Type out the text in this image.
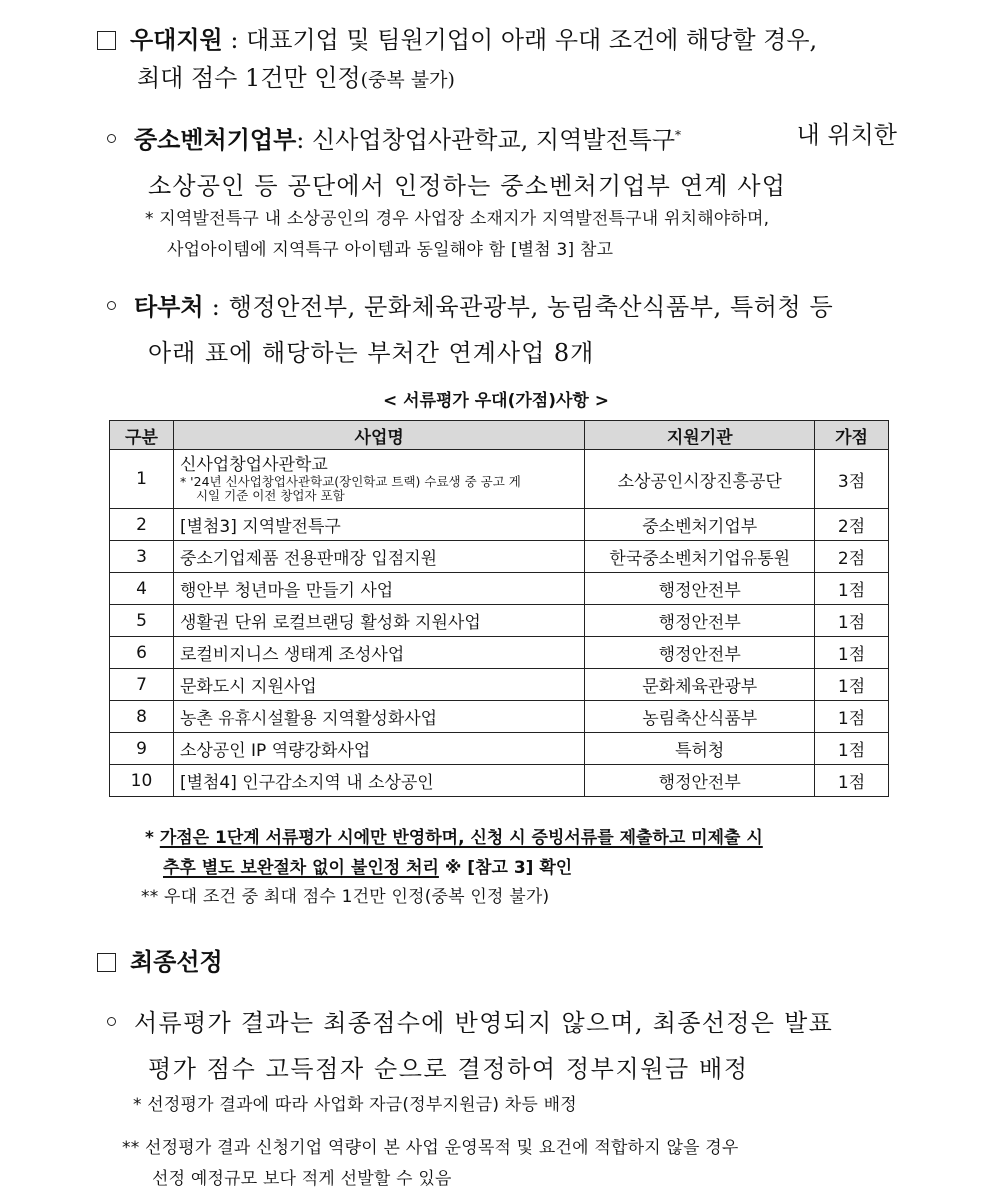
우대지원 : 대표기업 및 팀원기업이 아래 우대 조건에 해당할 경우,
최대 점수 1건만 인정(중복 불가)
중소벤처기업부: 신사업창업사관학교, 지역발전특구*	내 위치한
소상공인 등 공단에서 인정하는 중소벤처기업부 연계 사업
* 지역발전특구 내 소상공인의 경우 사업장 소재지가 지역발전특구내 위치해야하며,
사업아이템에 지역특구 아이템과 동일해야 함 [별첨 3] 참고
타부처 : 행정안전부, 문화체육관광부, 농림축산식품부, 특허청 등
아래 표에 해당하는 부처간 연계사업 8개
< 서류평가 우대(가점)사항 >
구분	사업명	지원기관	가점
1	신사업창업사관학교
* '24년 신사업창업사관학교(장인학교 트랙) 수료생 중 공고 게
시일 기준 이전 창업자 포함	소상공인시장진흥공단	3점
2	[별첨3] 지역발전특구	중소벤처기업부	2점
3	중소기업제품 전용판매장 입점지원	한국중소벤처기업유통원	2점
4	행안부 청년마을 만들기 사업	행정안전부	1점
5	생활권 단위 로컬브랜딩 활성화 지원사업	행정안전부	1점
6	로컬비지니스 생태계 조성사업	행정안전부	1점
7	문화도시 지원사업	문화체육관광부	1점
8	농촌 유휴시설활용 지역활성화사업	농림축산식품부	1점
9	소상공인 IP 역량강화사업	특허청	1점
10	[별첨4] 인구감소지역 내 소상공인	행정안전부	1점
* 가점은 1단계 서류평가 시에만 반영하며, 신청 시 증빙서류를 제출하고 미제출 시
추후 별도 보완절차 없이 불인정 처리 ※ [참고 3] 확인
** 우대 조건 중 최대 점수 1건만 인정(중복 인정 불가)
최종선정
서류평가 결과는 최종점수에 반영되지 않으며, 최종선정은 발표
평가 점수 고득점자 순으로 결정하여 정부지원금 배정
* 선정평가 결과에 따라 사업화 자금(정부지원금) 차등 배정
** 선정평가 결과 신청기업 역량이 본 사업 운영목적 및 요건에 적합하지 않을 경우
선정 예정규모 보다 적게 선발할 수 있음
